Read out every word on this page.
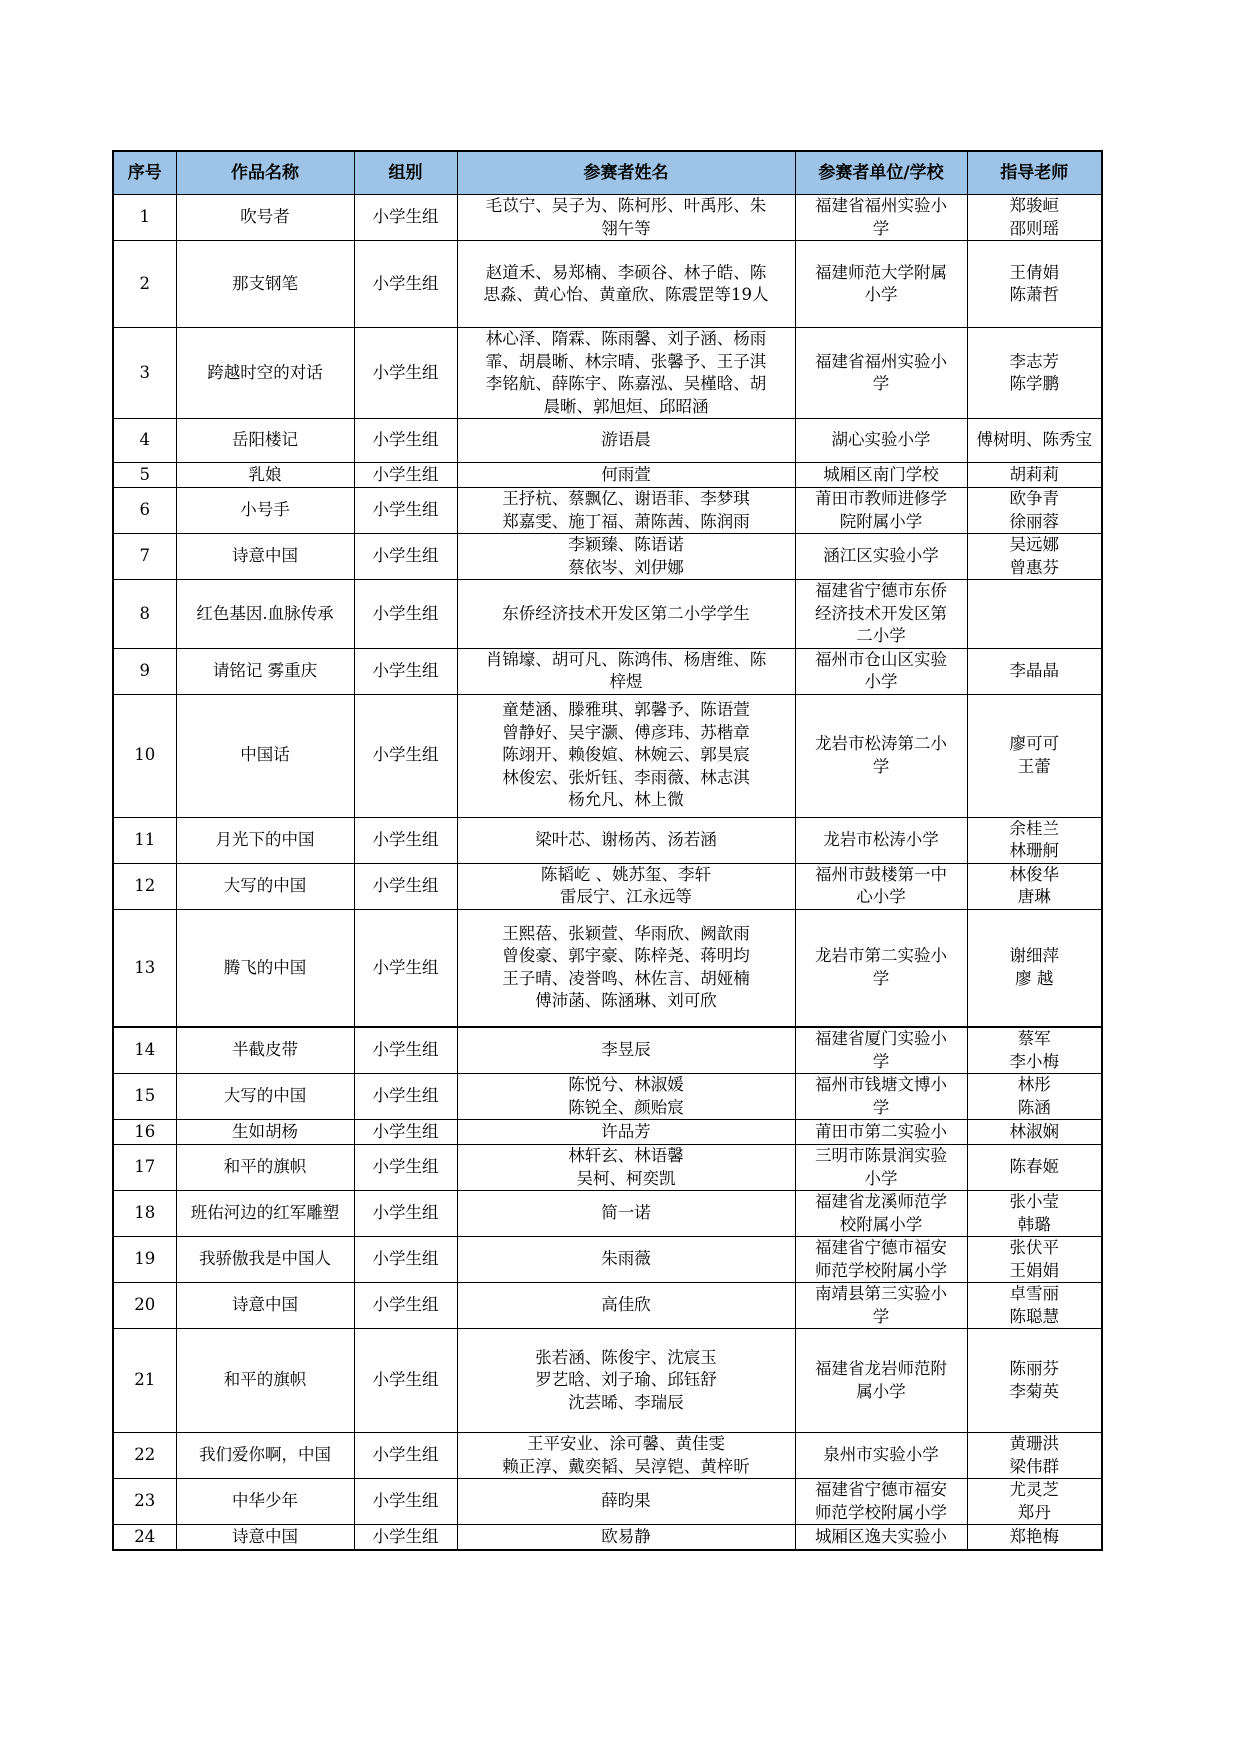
序号	作品名称	组别	参赛者姓名	参赛者单位/学校	指导老师
1	吹号者	小学生组	毛苡宁、吴子为、陈柯彤、叶禹彤、朱
翎午等	福建省福州实验小
学	郑骏峘
邵则瑶
2	那支钢笔	小学生组	赵道禾、易郑楠、李硕谷、林子皓、陈
思淼、黄心怡、黄童欣、陈震罡等19人	福建师范大学附属
小学	王倩娟
陈萧哲
3	跨越时空的对话	小学生组	林心泽、隋霖、陈雨馨、刘子涵、杨雨
霏、胡晨晰、林宗晴、张馨予、王子淇
李铭航、薛陈宇、陈嘉泓、吴槿晗、胡
晨晰、郭旭烜、邱昭涵	福建省福州实验小
学	李志芳
陈学鹏
4	岳阳楼记	小学生组	游语晨	湖心实验小学	傅树明、陈秀宝
5	乳娘	小学生组	何雨萱	城厢区南门学校	胡莉莉
6	小号手	小学生组	王抒杭、蔡飘亿、谢语菲、李梦琪
郑嘉雯、施丁福、萧陈茜、陈润雨	莆田市教师进修学
院附属小学	欧争青
徐丽蓉
7	诗意中国	小学生组	李颖臻、陈语诺
蔡依岑、刘伊娜	涵江区实验小学	吴远娜
曾惠芬
8	红色基因.血脉传承	小学生组	东侨经济技术开发区第二小学学生	福建省宁德市东侨
经济技术开发区第
二小学	
9	请铭记 雾重庆	小学生组	肖锦壕、胡可凡、陈鸿伟、杨唐维、陈
梓煜	福州市仓山区实验
小学	李晶晶
10	中国话	小学生组	童楚涵、滕雅琪、郭馨予、陈语萱
曾静好、吴宇灏、傅彦玮、苏楷章
陈翊开、赖俊媗、林婉云、郭昊宸
林俊宏、张炘钰、李雨薇、林志淇
杨允凡、林上微	龙岩市松涛第二小
学	廖可可
王蕾
11	月光下的中国	小学生组	梁叶芯、谢杨芮、汤若涵	龙岩市松涛小学	余桂兰
林珊舸
12	大写的中国	小学生组	陈韬屹 、姚苏玺、李轩
雷辰宁、江永远等	福州市鼓楼第一中
心小学	林俊华
唐琳
13	腾飞的中国	小学生组	王熙蓓、张颖萱、华雨欣、阙歆雨
曾俊豪、郭宇豪、陈梓尧、蒋明均
王子晴、凌誉鸣、林佐言、胡娅楠
傅沛菡、陈涵琳、刘可欣	龙岩市第二实验小
学	谢细萍
廖 越
14	半截皮带	小学生组	李昱辰	福建省厦门实验小
学	蔡军
李小梅
15	大写的中国	小学生组	陈悦兮、林淑媛
陈锐全、颜贻宸	福州市钱塘文博小
学	林彤
陈涵
16	生如胡杨	小学生组	许品芳	莆田市第二实验小	林淑娴
17	和平的旗帜	小学生组	林轩玄、林语馨
吴柯、柯奕凯	三明市陈景润实验
小学	陈春姬
18	班佑河边的红军雕塑	小学生组	简一诺	福建省龙溪师范学
校附属小学	张小莹
韩璐
19	我骄傲我是中国人	小学生组	朱雨薇	福建省宁德市福安
师范学校附属小学	张伏平
王娟娟
20	诗意中国	小学生组	高佳欣	南靖县第三实验小
学	卓雪丽
陈聪慧
21	和平的旗帜	小学生组	张若涵、陈俊宇、沈宸玉
罗艺晗、刘子瑜、邱钰舒
沈芸晞、李瑞辰	福建省龙岩师范附
属小学	陈丽芬
李菊英
22	我们爱你啊，中国	小学生组	王平安业、涂可馨、黄佳雯
赖正淳、戴奕韬、吴淳铠、黄梓昕	泉州市实验小学	黄珊洪
梁伟群
23	中华少年	小学生组	薛昀果	福建省宁德市福安
师范学校附属小学	尤灵芝
郑丹
24	诗意中国	小学生组	欧易静	城厢区逸夫实验小	郑艳梅
